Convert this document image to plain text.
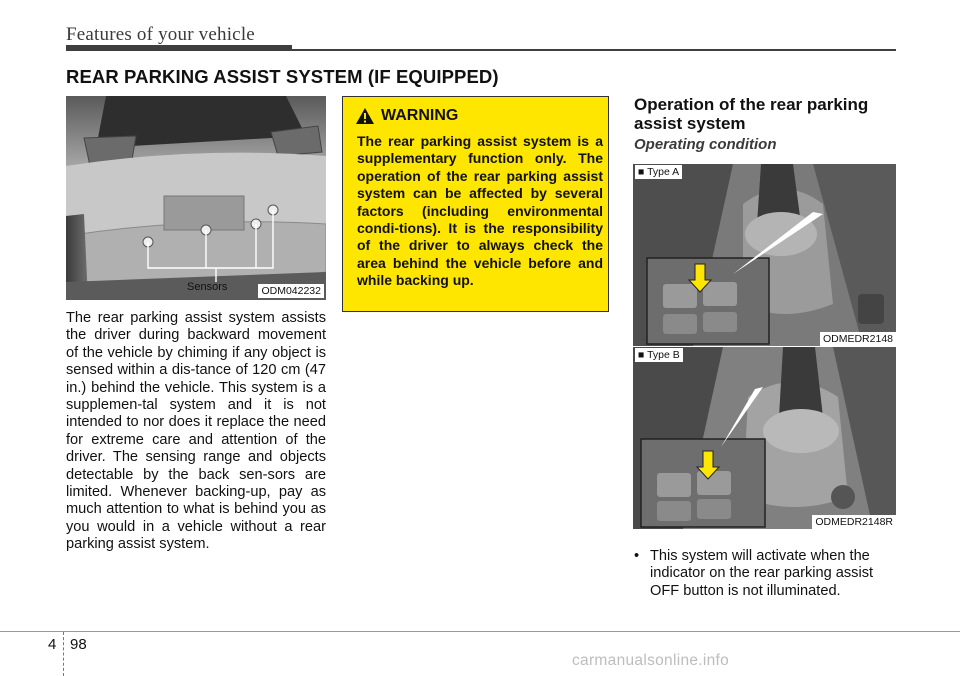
Features of your vehicle
REAR PARKING ASSIST SYSTEM (IF EQUIPPED)
Sensors	ODM042232
The rear parking assist system assists the driver during backward movement of the vehicle by chiming if any object is sensed within a dis-tance of 120 cm (47 in.) behind the vehicle. This system is a supplemen-tal system and it is not intended to nor does it replace the need for extreme care and attention of the driver. The sensing range and objects detectable by the back sen-sors are limited. Whenever backing-up, pay as much attention to what is behind you as you would in a vehicle without a rear parking assist system.
WARNING
The rear parking assist system is a supplementary function only. The operation of the rear parking assist system can be affected by several factors (including environmental condi-tions). It is the responsibility of the driver to always check the area behind the vehicle before and while backing up.
Operation of the rear parking assist system
Operating condition
■ Type A
ODMEDR2148
■ Type B
ODMEDR2148R
• This system will activate when the indicator on the rear parking assist OFF button is not illuminated.
4 98
carmanualsonline.info
